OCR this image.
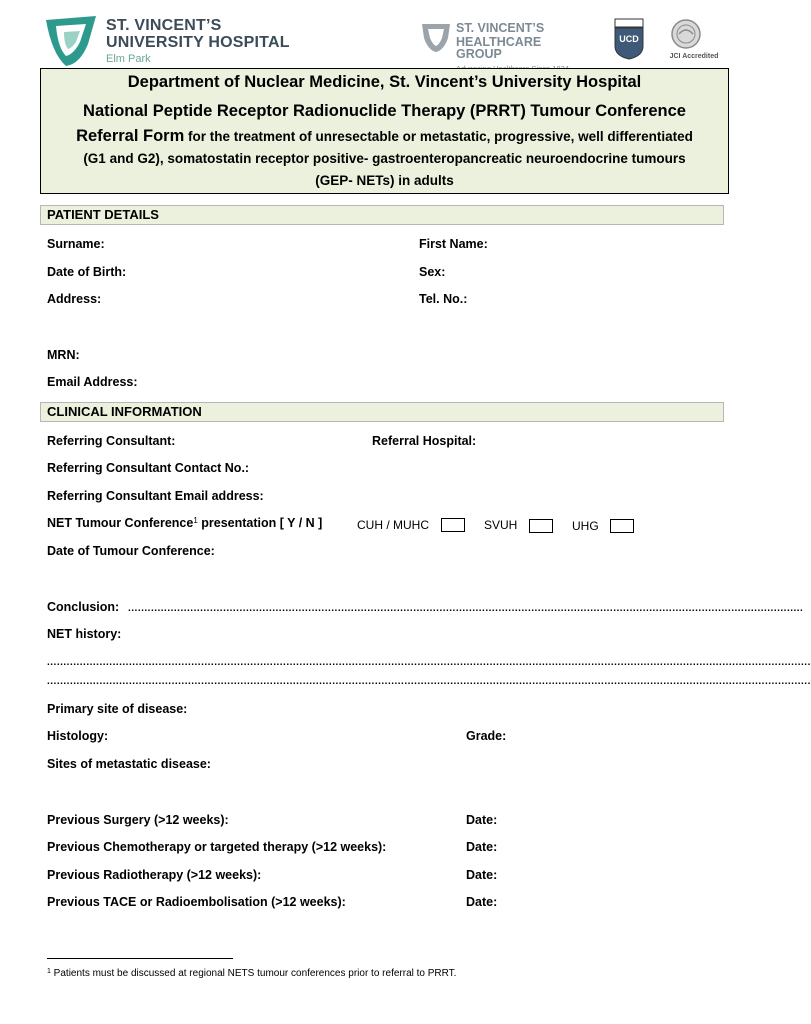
ST. VINCENT’S
UNIVERSITY HOSPITAL
Elm Park
ST. VINCENT’S
HEALTHCARE GROUP
UCD
JCI Accredited
Department of Nuclear Medicine, St. Vincent’s University Hospital
National Peptide Receptor Radionuclide Therapy (PRRT) Tumour Conference
Referral Form for the treatment of unresectable or metastatic, progressive, well differentiated
(G1 and G2), somatostatin receptor positive- gastroenteropancreatic neuroendocrine tumours
(GEP- NETs) in adults
PATIENT DETAILS
Surname:	First Name:
Date of Birth:	Sex:
Address:	Tel. No.:
MRN:
Email Address:
CLINICAL INFORMATION
Referring Consultant:	Referral Hospital:
Referring Consultant Contact No.:
Referring Consultant Email address:
NET Tumour Conference$^1$ presentation [ Y / N ]	CUH / MUHC	SVUH	UHG
Date of Tumour Conference:
Conclusion: ..............................................................................................................................................................................................................
NET history:
.........................................................................................................................................................................................................................................
.........................................................................................................................................................................................................................................
Primary site of disease:
Histology:	Grade:
Sites of metastatic disease:
Previous Surgery (>12 weeks):	Date:
Previous Chemotherapy or targeted therapy (>12 weeks):	Date:
Previous Radiotherapy (>12 weeks):	Date:
Previous TACE or Radioembolisation (>12 weeks):	Date:
$^1$ Patients must be discussed at regional NETS tumour conferences prior to referral to PRRT.
